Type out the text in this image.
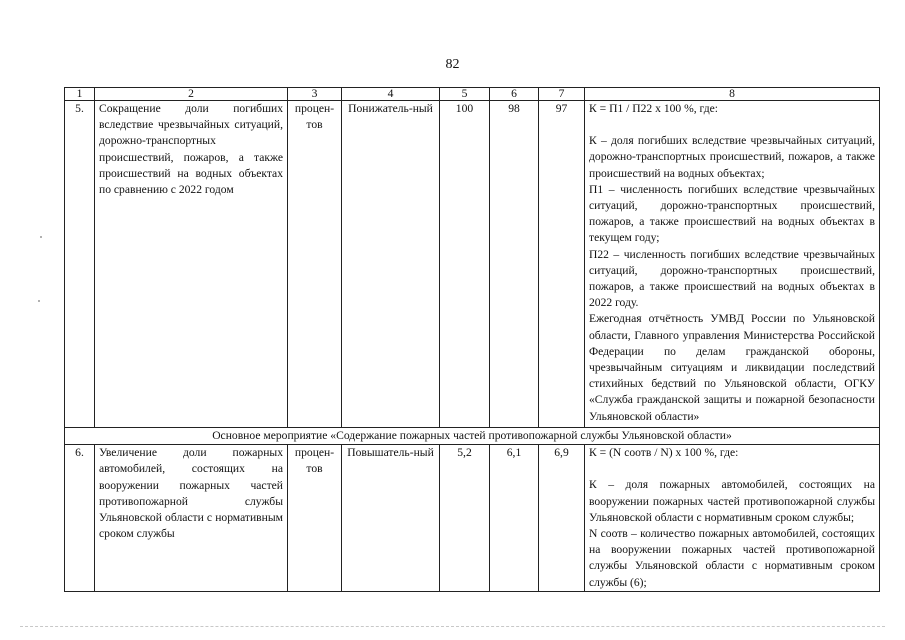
82
1	2	3	4	5	6	7	8
5.	Сокращение доли погибших вследствие чрезвычайных ситуаций, дорожно-транспортных происшествий, пожаров, а также происшествий на водных объектах по сравнению с 2022 годом	процен-тов	Понижатель-ный	100	98	97	К = П1 / П22 х 100 %, где:

К – доля погибших вследствие чрезвычайных ситуаций, дорожно-транспортных происшествий, пожаров, а также происшествий на водных объектах;

П1 – численность погибших вследствие чрезвычайных ситуаций, дорожно-транспортных происшествий, пожаров, а также происшествий на водных объектах в текущем году;

П22 – численность погибших вследствие чрезвычайных ситуаций, дорожно-транспортных происшествий, пожаров, а также происшествий на водных объектах в 2022 году.

Ежегодная отчётность УМВД России по Ульяновской области, Главного управления Министерства Российской Федерации по делам гражданской обороны, чрезвычайным ситуациям и ликвидации последствий стихийных бедствий по Ульяновской области, ОГКУ «Служба гражданской защиты и пожарной безопасности Ульяновской области»

Основное мероприятие «Содержание пожарных частей противопожарной службы Ульяновской области»							
6.	Увеличение доли пожарных автомобилей, состоящих на вооружении пожарных частей противопожарной службы Ульяновской области с нормативным сроком службы	процен-тов	Повышатель-ный	5,2	6,1	6,9	К = (N соотв / N) х 100 %, где:

К – доля пожарных автомобилей, состоящих на вооружении пожарных частей противопожарной службы Ульяновской области с нормативным сроком службы;

N соотв – количество пожарных автомобилей, состоящих на вооружении пожарных частей противопожарной службы Ульяновской области с нормативным сроком службы (6);
